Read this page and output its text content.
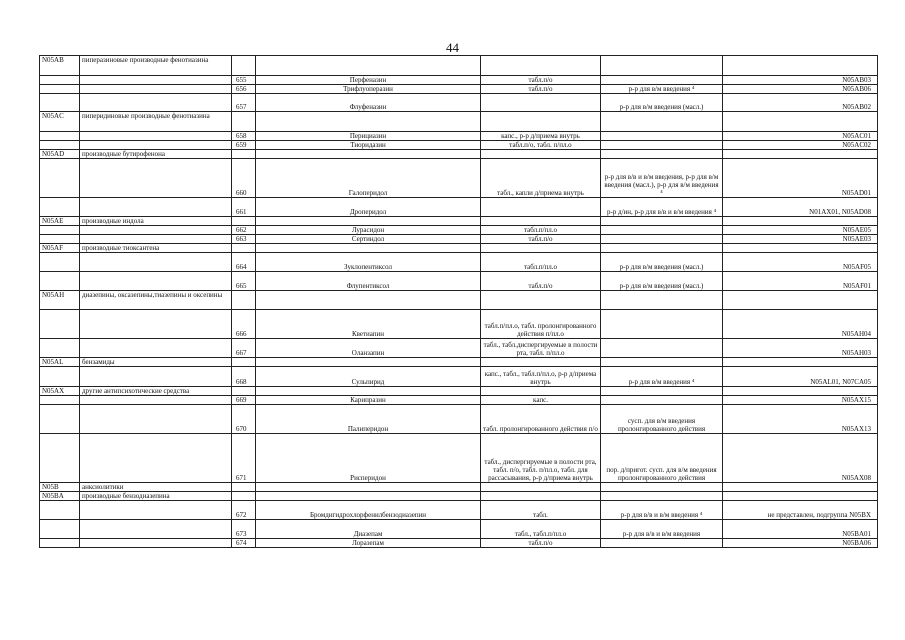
44
N05AB	пиперазиновые производные фенотиазина					
		655	Перфеназин	табл.п/о		N05AB03
		656	Трифлуоперазин	табл.п/о	р-р для в/м введения ⁴	N05AB06
		657	Флуфеназин		р-р для в/м введения (масл.)	N05AB02
N05AC	пиперидиновые производные фенотиазина					
		658	Перициазин	капс., р-р д/приема внутрь		N05AC01
		659	Тиоридазин	табл.п/о, табл. п/пл.о		N05AC02
N05AD	производные бутирофенона					
		660	Галоперидол	табл., капли д/приема внутрь	р-р для в/в и в/м введения, р-р для в/м введения (масл.), р-р для в/м введения ⁴	N05AD01
		661	Дроперидол		р-р д/ин, р-р для в/в и в/м введения ⁴	N01AX01, N05AD08
N05AE	производные индола					
		662	Лурасидон	табл.п/пл.о		N05AE05
		663	Сертиндол	табл.п/о		N05AE03
N05AF	производные тиоксантена					
		664	Зуклопентиксол	табл.п/пл.о	р-р для в/м введения (масл.)	N05AF05
		665	Флупентиксол	табл.п/о	р-р для в/м введения (масл.)	N05AF01
N05AH	диазепины, оксазепины,тиазепины и оксепины					
		666	Кветиапин	табл.п/пл.о, табл. пролонгированного действия п/пл.о		N05AH04
		667	Оланзапин	табл., табл.диспергируемые в полости рта, табл. п/пл.о		N05AH03
N05AL	бензамиды					
		668	Сульпирид	капс., табл., табл.п/пл.о, р-р д/приема внутрь	р-р для в/м введения ⁴	N05AL01, N07CA05
N05AX	другие антипсихотические средства					
		669	Карипразин	капс.		N05AX15
		670	Палиперидон	табл. пролонгированного действия п/о	сусп. для в/м введения пролонгированного действия	N05AX13
		671	Рисперидон	табл., диспергируемые в полости рта, табл. п/о, табл. п/пл.о, табл. для рассасывания, р-р д/приема внутрь	пор. д/пригот. сусп. для в/м введения пролонгированного действия	N05AX08
N05B	анксиолитики					
N05BA	производные бензодиазепина					
		672	Бромдигидрохлорфенилбензодиазепин	табл.	р-р для в/в и в/м введения ⁴	не представлен, подгруппа N05BX
		673	Диазепам	табл., табл.п/пл.о	р-р для в/в и в/м введения	N05BA01
		674	Лоразепам	табл.п/о		N05BA06
